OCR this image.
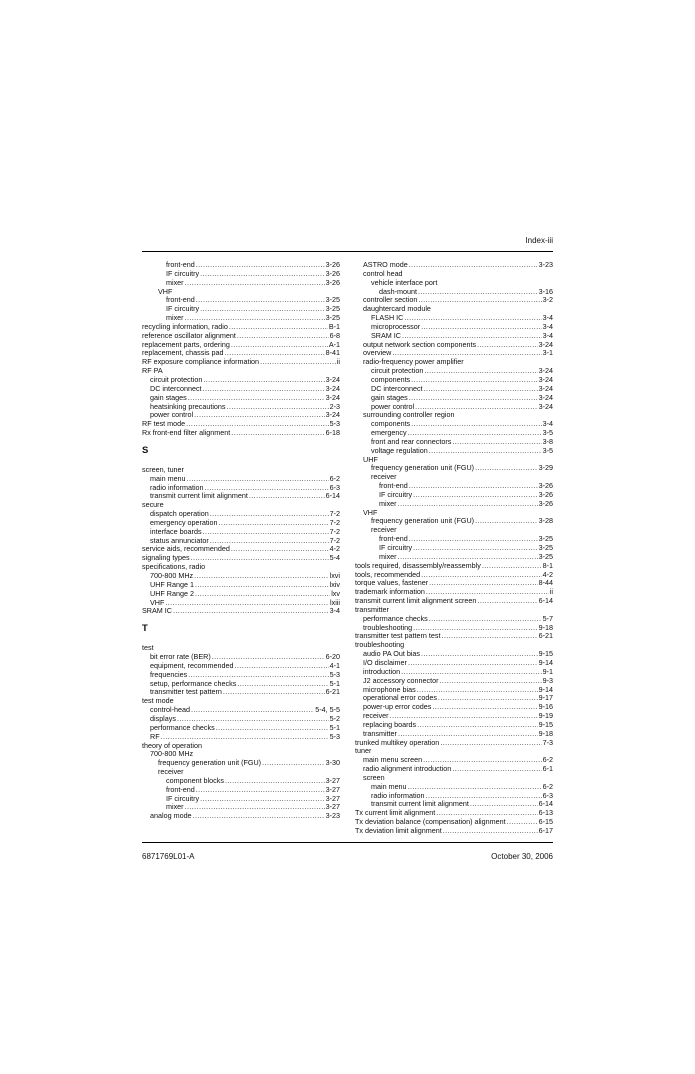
Index-iii
front-end .....	3-26
IF circuitry .....	3-26
mixer .....	3-26
VHF
front-end .....	3-25
IF circuitry .....	3-25
mixer .....	3-25
recycling information, radio .....	B-1
reference oscillator alignment .....	6-8
replacement parts, ordering .....	A-1
replacement, chassis pad .....	8-41
RF exposure compliance information .....	ii
RF PA
circuit protection .....	3-24
DC interconnect .....	3-24
gain stages .....	3-24
heatsinking precautions .....	2-3
power control .....	3-24
RF test mode .....	5-3
Rx front-end filter alignment .....	6-18
S
screen, tuner
main menu .....	6-2
radio information .....	6-3
transmit current limit alignment .....	6-14
secure
dispatch operation .....	7-2
emergency operation .....	7-2
interface boards .....	7-2
status annunciator .....	7-2
service aids, recommended .....	4-2
signaling types .....	5-4
specifications, radio
700-800 MHz .....	lxvi
UHF Range 1 .....	lxiv
UHF Range 2 .....	lxv
VHF .....	lxiii
SRAM IC .....	3-4
T
test
bit error rate (BER) .....	6-20
equipment, recommended .....	4-1
frequencies .....	5-3
setup, performance checks .....	5-1
transmitter test pattern .....	6-21
test mode
control-head .....	5-4, 5-5
displays .....	5-2
performance checks .....	5-1
RF .....	5-3
theory of operation
700-800 MHz
frequency generation unit (FGU) .....	3-30
receiver
component blocks .....	3-27
front-end .....	3-27
IF circuitry .....	3-27
mixer .....	3-27
analog mode .....	3-23
ASTRO mode .....	3-23
control head
vehicle interface port
dash-mount .....	3-16
controller section .....	3-2
daughtercard module
FLASH IC .....	3-4
microprocessor .....	3-4
SRAM IC .....	3-4
output network section components .....	3-24
overview .....	3-1
radio-frequency power amplifier
circuit protection .....	3-24
components .....	3-24
DC interconnect .....	3-24
gain stages .....	3-24
power control .....	3-24
surrounding controller region
components .....	3-4
emergency .....	3-5
front and rear connectors .....	3-8
voltage regulation .....	3-5
UHF
frequency generation unit (FGU) .....	3-29
receiver
front-end .....	3-26
IF circuitry .....	3-26
mixer .....	3-26
VHF
frequency generation unit (FGU) .....	3-28
receiver
front-end .....	3-25
IF circuitry .....	3-25
mixer .....	3-25
tools required, disassembly/reassembly .....	8-1
tools, recommended .....	4-2
torque values, fastener .....	8-44
trademark information .....	ii
transmit current limit alignment screen .....	6-14
transmitter
performance checks .....	5-7
troubleshooting .....	9-18
transmitter test pattern test .....	6-21
troubleshooting
audio PA Out bias .....	9-15
I/O disclaimer .....	9-14
introduction .....	9-1
J2 accessory connector .....	9-3
microphone bias .....	9-14
operational error codes .....	9-17
power-up error codes .....	9-16
receiver .....	9-19
replacing boards .....	9-15
transmitter .....	9-18
trunked multikey operation .....	7-3
tuner
main menu screen .....	6-2
radio alignment introduction .....	6-1
screen
main menu .....	6-2
radio information .....	6-3
transmit current limit alignment .....	6-14
Tx current limit alignment .....	6-13
Tx deviation balance (compensation) alignment .....	6-15
Tx deviation limit alignment .....	6-17
6871769L01-A	October 30, 2006
